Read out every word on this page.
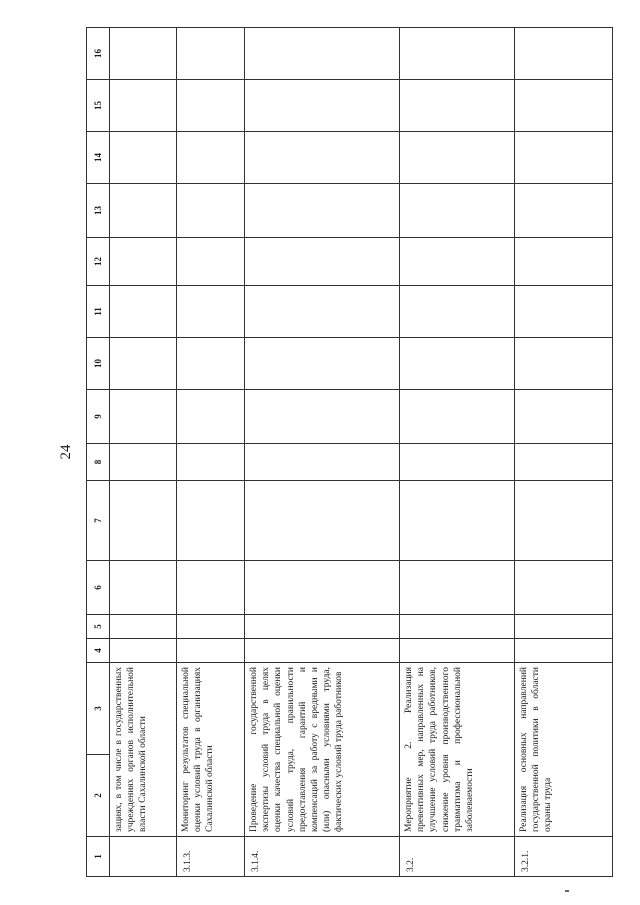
24
1	2	3	4	5	6	7	8	9	10	11	12	13	14	15	16
	зациях, в том числе в государственных учреждениях органов исполнительной власти Сахалинской области														
3.1.3.	Мониторинг результатов специальной оценки условий труда в организациях Сахалинской области														
3.1.4.	Проведение государственной экспертизы условий труда в целях оценки качества специальной оценки условий труда, правильности предоставления гарантий и компенсаций за работу с вредными и (или) опасными условиями труда, фактических условий труда работников														
3.2.	Мероприятие 2. Реализация превентивных мер, направленных на улучшение условий труда работников, снижение уровня производственного травматизма и профессиональной заболеваемости														
3.2.1.	Реализация основных направлений государственной политики в области охраны труда														
